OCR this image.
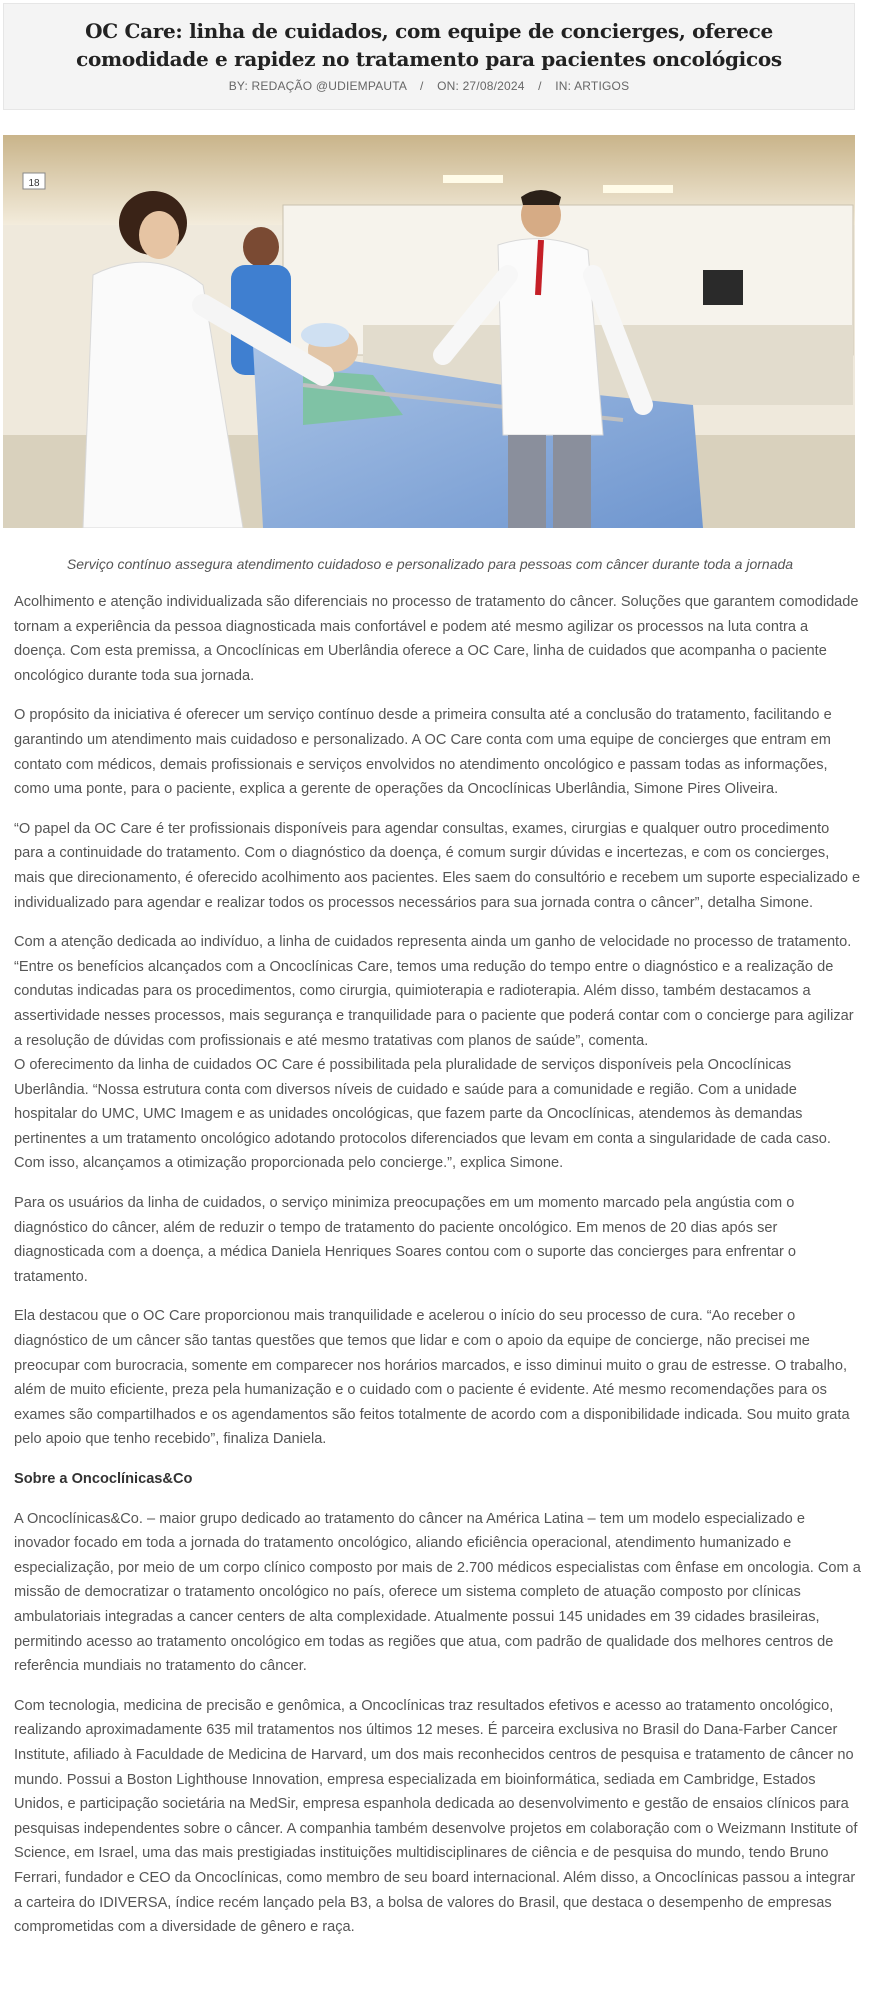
OC Care: linha de cuidados, com equipe de concierges, oferece comodidade e rapidez no tratamento para pacientes oncológicos
BY: REDAÇÃO @UDIEMPAUTA / ON: 27/08/2024 / IN: ARTIGOS
18
Serviço contínuo assegura atendimento cuidadoso e personalizado para pessoas com câncer durante toda a jornada

Acolhimento e atenção individualizada são diferenciais no processo de tratamento do câncer. Soluções que garantem comodidade tornam a experiência da pessoa diagnosticada mais confortável e podem até mesmo agilizar os processos na luta contra a doença. Com esta premissa, a Oncoclínicas em Uberlândia oferece a OC Care, linha de cuidados que acompanha o paciente oncológico durante toda sua jornada.

O propósito da iniciativa é oferecer um serviço contínuo desde a primeira consulta até a conclusão do tratamento, facilitando e garantindo um atendimento mais cuidadoso e personalizado. A OC Care conta com uma equipe de concierges que entram em contato com médicos, demais profissionais e serviços envolvidos no atendimento oncológico e passam todas as informações, como uma ponte, para o paciente, explica a gerente de operações da Oncoclínicas Uberlândia, Simone Pires Oliveira.

“O papel da OC Care é ter profissionais disponíveis para agendar consultas, exames, cirurgias e qualquer outro procedimento para a continuidade do tratamento. Com o diagnóstico da doença, é comum surgir dúvidas e incertezas, e com os concierges, mais que direcionamento, é oferecido acolhimento aos pacientes. Eles saem do consultório e recebem um suporte especializado e individualizado para agendar e realizar todos os processos necessários para sua jornada contra o câncer”, detalha Simone.

Com a atenção dedicada ao indivíduo, a linha de cuidados representa ainda um ganho de velocidade no processo de tratamento. “Entre os benefícios alcançados com a Oncoclínicas Care, temos uma redução do tempo entre o diagnóstico e a realização de condutas indicadas para os procedimentos, como cirurgia, quimioterapia e radioterapia. Além disso, também destacamos a assertividade nesses processos, mais segurança e tranquilidade para o paciente que poderá contar com o concierge para agilizar a resolução de dúvidas com profissionais e até mesmo tratativas com planos de saúde”, comenta.

O oferecimento da linha de cuidados OC Care é possibilitada pela pluralidade de serviços disponíveis pela Oncoclínicas Uberlândia. “Nossa estrutura conta com diversos níveis de cuidado e saúde para a comunidade e região. Com a unidade hospitalar do UMC, UMC Imagem e as unidades oncológicas, que fazem parte da Oncoclínicas, atendemos às demandas pertinentes a um tratamento oncológico adotando protocolos diferenciados que levam em conta a singularidade de cada caso. Com isso, alcançamos a otimização proporcionada pelo concierge.”, explica Simone.

Para os usuários da linha de cuidados, o serviço minimiza preocupações em um momento marcado pela angústia com o diagnóstico do câncer, além de reduzir o tempo de tratamento do paciente oncológico. Em menos de 20 dias após ser diagnosticada com a doença, a médica Daniela Henriques Soares contou com o suporte das concierges para enfrentar o tratamento.

Ela destacou que o OC Care proporcionou mais tranquilidade e acelerou o início do seu processo de cura. “Ao receber o diagnóstico de um câncer são tantas questões que temos que lidar e com o apoio da equipe de concierge, não precisei me preocupar com burocracia, somente em comparecer nos horários marcados, e isso diminui muito o grau de estresse. O trabalho, além de muito eficiente, preza pela humanização e o cuidado com o paciente é evidente. Até mesmo recomendações para os exames são compartilhados e os agendamentos são feitos totalmente de acordo com a disponibilidade indicada. Sou muito grata pelo apoio que tenho recebido”, finaliza Daniela.

Sobre a Oncoclínicas&Co

A Oncoclínicas&Co. – maior grupo dedicado ao tratamento do câncer na América Latina – tem um modelo especializado e inovador focado em toda a jornada do tratamento oncológico, aliando eficiência operacional, atendimento humanizado e especialização, por meio de um corpo clínico composto por mais de 2.700 médicos especialistas com ênfase em oncologia. Com a missão de democratizar o tratamento oncológico no país, oferece um sistema completo de atuação composto por clínicas ambulatoriais integradas a cancer centers de alta complexidade. Atualmente possui 145 unidades em 39 cidades brasileiras, permitindo acesso ao tratamento oncológico em todas as regiões que atua, com padrão de qualidade dos melhores centros de referência mundiais no tratamento do câncer.

Com tecnologia, medicina de precisão e genômica, a Oncoclínicas traz resultados efetivos e acesso ao tratamento oncológico, realizando aproximadamente 635 mil tratamentos nos últimos 12 meses. É parceira exclusiva no Brasil do Dana-Farber Cancer Institute, afiliado à Faculdade de Medicina de Harvard, um dos mais reconhecidos centros de pesquisa e tratamento de câncer no mundo. Possui a Boston Lighthouse Innovation, empresa especializada em bioinformática, sediada em Cambridge, Estados Unidos, e participação societária na MedSir, empresa espanhola dedicada ao desenvolvimento e gestão de ensaios clínicos para pesquisas independentes sobre o câncer. A companhia também desenvolve projetos em colaboração com o Weizmann Institute of Science, em Israel, uma das mais prestigiadas instituições multidisciplinares de ciência e de pesquisa do mundo, tendo Bruno Ferrari, fundador e CEO da Oncoclínicas, como membro de seu board internacional. Além disso, a Oncoclínicas passou a integrar a carteira do IDIVERSA, índice recém lançado pela B3, a bolsa de valores do Brasil, que destaca o desempenho de empresas comprometidas com a diversidade de gênero e raça.
